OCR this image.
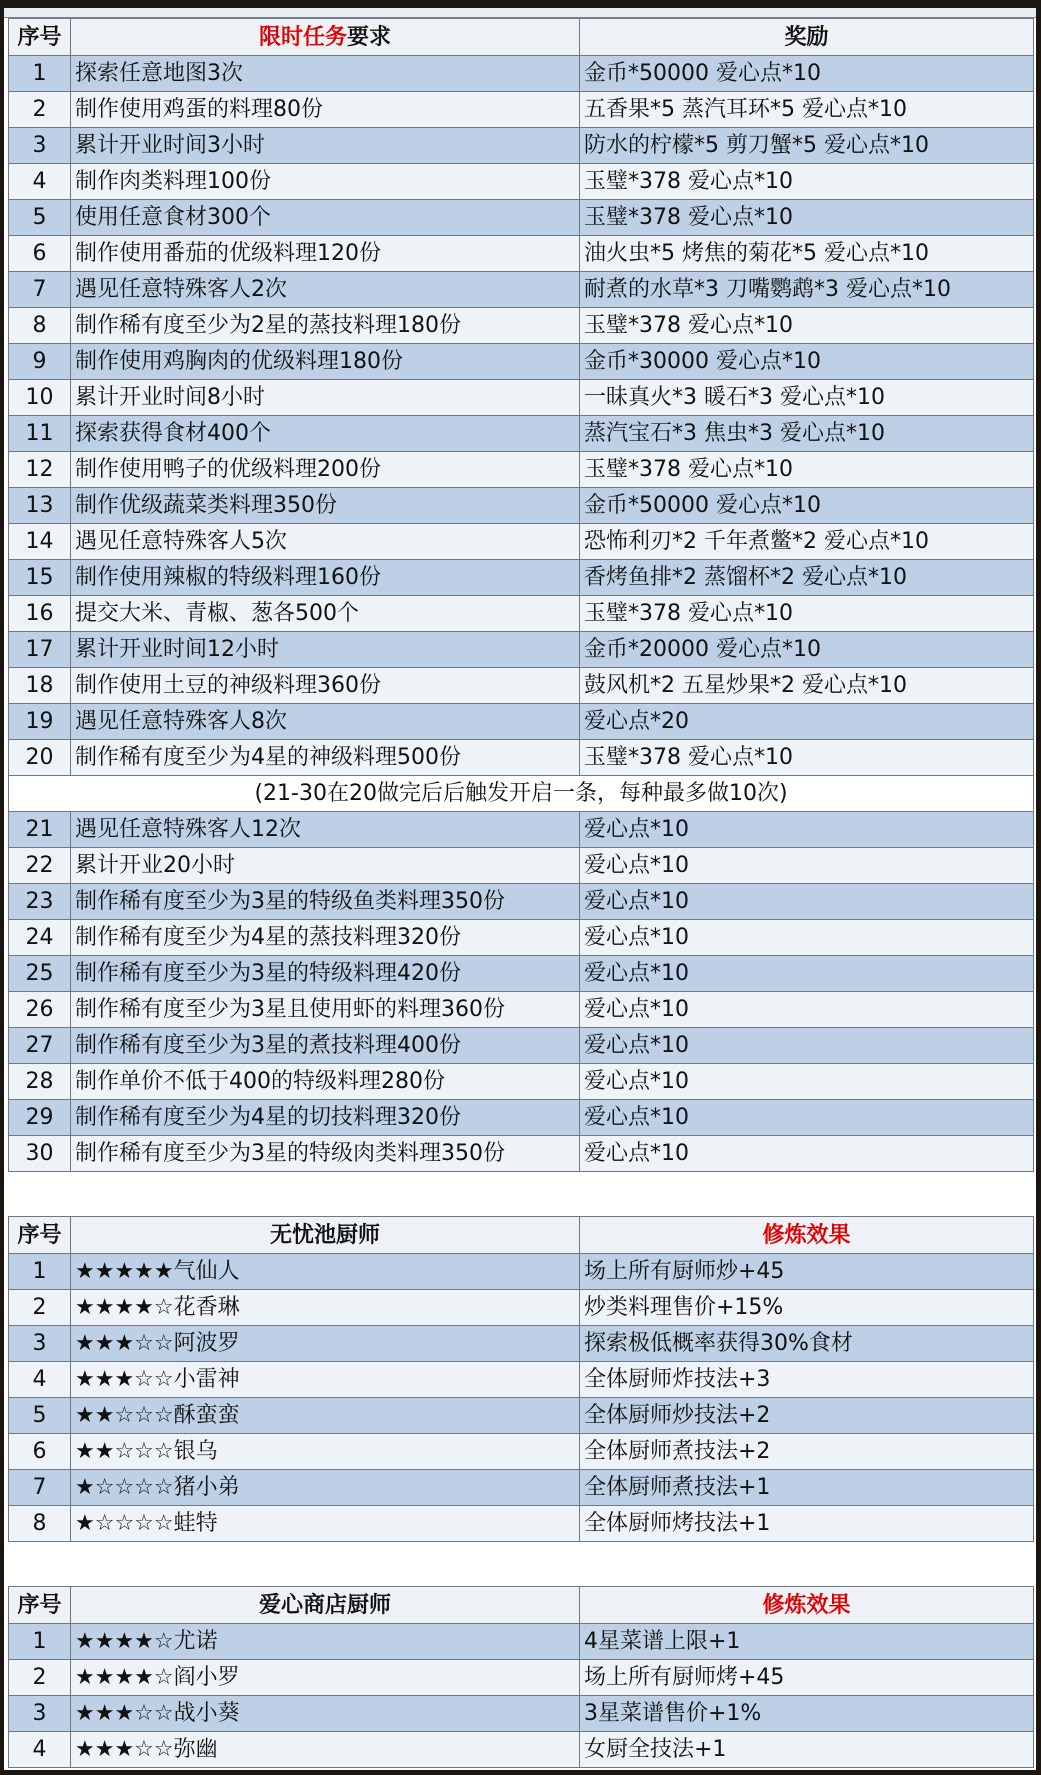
序号	限时任务要求	奖励
1	探索任意地图3次	金币*50000 爱心点*10
2	制作使用鸡蛋的料理80份	五香果*5 蒸汽耳环*5 爱心点*10
3	累计开业时间3小时	防水的柠檬*5 剪刀蟹*5 爱心点*10
4	制作肉类料理100份	玉璧*378 爱心点*10
5	使用任意食材300个	玉璧*378 爱心点*10
6	制作使用番茄的优级料理120份	油火虫*5 烤焦的菊花*5 爱心点*10
7	遇见任意特殊客人2次	耐煮的水草*3 刀嘴鹦鹉*3 爱心点*10
8	制作稀有度至少为2星的蒸技料理180份	玉璧*378 爱心点*10
9	制作使用鸡胸肉的优级料理180份	金币*30000 爱心点*10
10	累计开业时间8小时	一昧真火*3 暖石*3 爱心点*10
11	探索获得食材400个	蒸汽宝石*3 焦虫*3 爱心点*10
12	制作使用鸭子的优级料理200份	玉璧*378 爱心点*10
13	制作优级蔬菜类料理350份	金币*50000 爱心点*10
14	遇见任意特殊客人5次	恐怖利刃*2 千年煮鳖*2 爱心点*10
15	制作使用辣椒的特级料理160份	香烤鱼排*2 蒸馏杯*2 爱心点*10
16	提交大米、青椒、葱各500个	玉璧*378 爱心点*10
17	累计开业时间12小时	金币*20000 爱心点*10
18	制作使用土豆的神级料理360份	鼓风机*2 五星炒果*2 爱心点*10
19	遇见任意特殊客人8次	爱心点*20
20	制作稀有度至少为4星的神级料理500份	玉璧*378 爱心点*10
(21-30在20做完后后触发开启一条，每种最多做10次)		
21	遇见任意特殊客人12次	爱心点*10
22	累计开业20小时	爱心点*10
23	制作稀有度至少为3星的特级鱼类料理350份	爱心点*10
24	制作稀有度至少为4星的蒸技料理320份	爱心点*10
25	制作稀有度至少为3星的特级料理420份	爱心点*10
26	制作稀有度至少为3星且使用虾的料理360份	爱心点*10
27	制作稀有度至少为3星的煮技料理400份	爱心点*10
28	制作单价不低于400的特级料理280份	爱心点*10
29	制作稀有度至少为4星的切技料理320份	爱心点*10
30	制作稀有度至少为3星的特级肉类料理350份	爱心点*10
序号	无忧池厨师	修炼效果
1	★★★★★气仙人	场上所有厨师炒+45
2	★★★★☆花香琳	炒类料理售价+15%
3	★★★☆☆阿波罗	探索极低概率获得30%食材
4	★★★☆☆小雷神	全体厨师炸技法+3
5	★★☆☆☆酥蛮蛮	全体厨师炒技法+2
6	★★☆☆☆银乌	全体厨师煮技法+2
7	★☆☆☆☆猪小弟	全体厨师煮技法+1
8	★☆☆☆☆蛙特	全体厨师烤技法+1
序号	爱心商店厨师	修炼效果
1	★★★★☆尤诺	4星菜谱上限+1
2	★★★★☆阎小罗	场上所有厨师烤+45
3	★★★☆☆战小葵	3星菜谱售价+1%
4	★★★☆☆弥幽	女厨全技法+1
